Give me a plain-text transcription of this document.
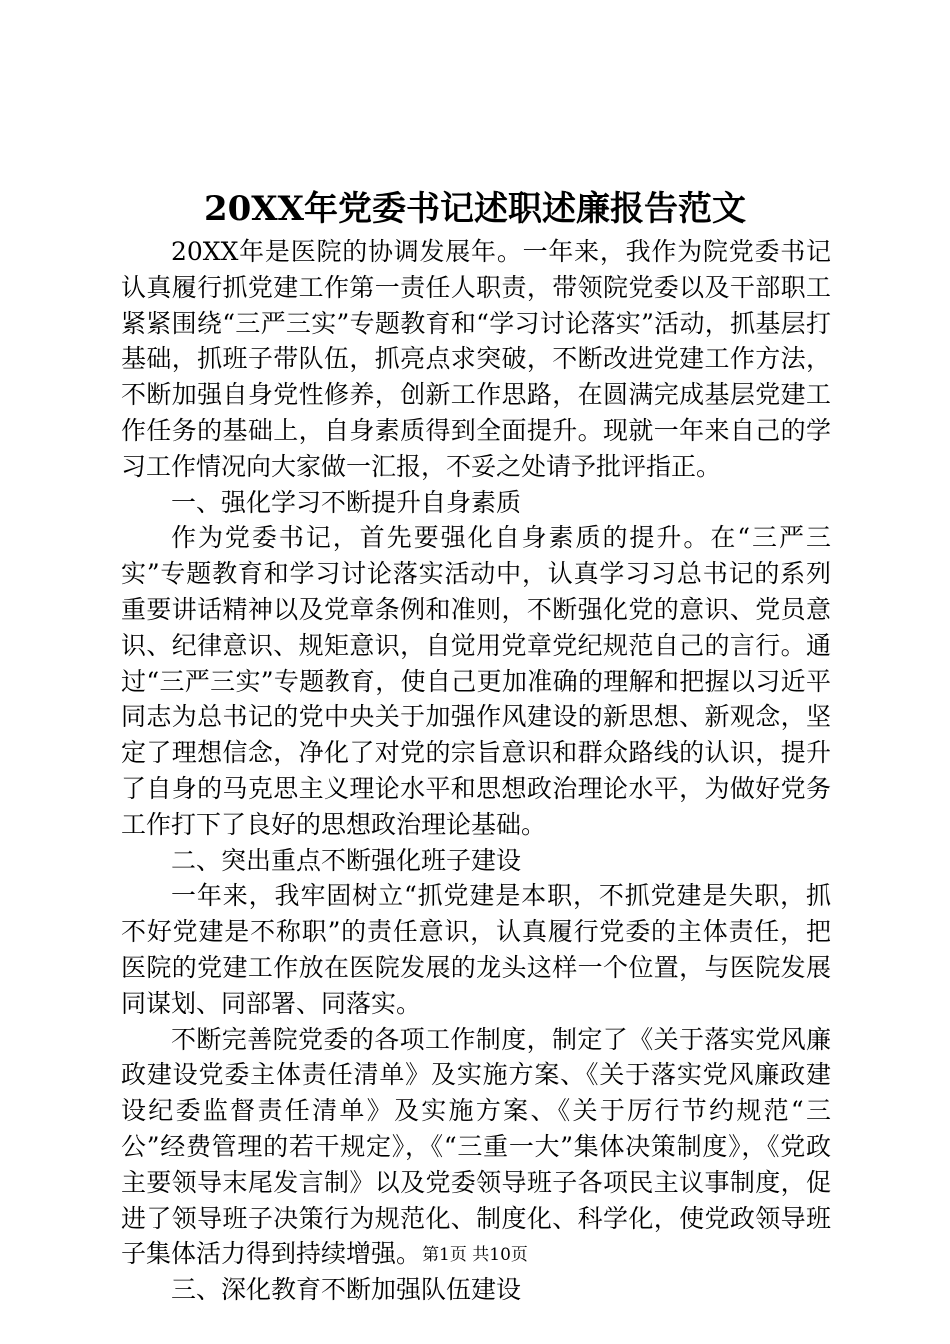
20XX年党委书记述职述廉报告范文

20XX年是医院的协调发展年。一年来，我作为院党委书记认真履行抓党建工作第一责任人职责，带领院党委以及干部职工紧紧围绕“三严三实”专题教育和“学习讨论落实”活动，抓基层打基础，抓班子带队伍，抓亮点求突破，不断改进党建工作方法，不断加强自身党性修养，创新工作思路，在圆满完成基层党建工作任务的基础上，自身素质得到全面提升。现就一年来自己的学习工作情况向大家做一汇报，不妥之处请予批评指正。

一、强化学习不断提升自身素质

作为党委书记，首先要强化自身素质的提升。在“三严三实”专题教育和学习讨论落实活动中，认真学习习总书记的系列重要讲话精神以及党章条例和准则，不断强化党的意识、党员意识、纪律意识、规矩意识，自觉用党章党纪规范自己的言行。通过“三严三实”专题教育，使自己更加准确的理解和把握以习近平同志为总书记的党中央关于加强作风建设的新思想、新观念，坚定了理想信念，净化了对党的宗旨意识和群众路线的认识，提升了自身的马克思主义理论水平和思想政治理论水平，为做好党务工作打下了良好的思想政治理论基础。

二、突出重点不断强化班子建设

一年来，我牢固树立“抓党建是本职，不抓党建是失职，抓不好党建是不称职”的责任意识，认真履行党委的主体责任，把医院的党建工作放在医院发展的龙头这样一个位置，与医院发展同谋划、同部署、同落实。

不断完善院党委的各项工作制度，制定了《关于落实党风廉政建设党委主体责任清单》及实施方案、《关于落实党风廉政建设纪委监督责任清单》及实施方案、《关于厉行节约规范“三公”经费管理的若干规定》，《“三重一大”集体决策制度》，《党政主要领导末尾发言制》以及党委领导班子各项民主议事制度，促进了领导班子决策行为规范化、制度化、科学化，使党政领导班子集体活力得到持续增强。

三、深化教育不断加强队伍建设

第1页 共10页
